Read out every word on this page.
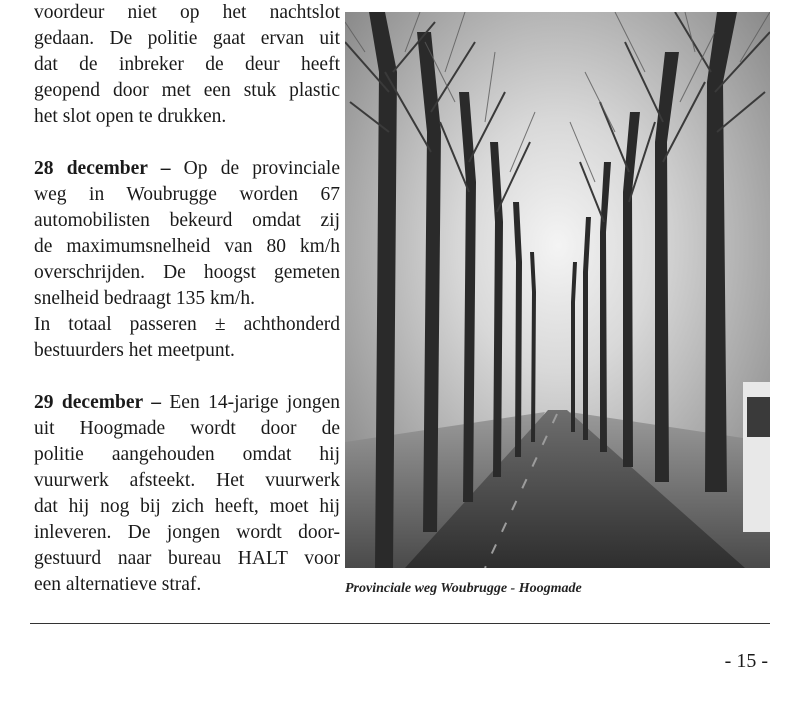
voordeur niet op het nachtslot
gedaan. De politie gaat ervan uit
dat de inbreker de deur heeft
geopend door met een stuk plastic
het slot open te drukken.

28 december – Op de provinciale
weg in Woubrugge worden 67
automobilisten bekeurd omdat zij
de maximumsnelheid van 80 km/h
overschrijden. De hoogst gemeten
snelheid bedraagt 135 km/h.
In totaal passeren ± achthonderd
bestuurders het meetpunt.

29 december – Een 14-jarige jongen
uit Hoogmade wordt door de
politie aangehouden omdat hij
vuurwerk afsteekt. Het vuurwerk
dat hij nog bij zich heeft, moet hij
inleveren. De jongen wordt door-
gestuurd naar bureau HALT voor
een alternatieve straf.	Provinciale weg Woubrugge - Hoogmade
- 15 -
